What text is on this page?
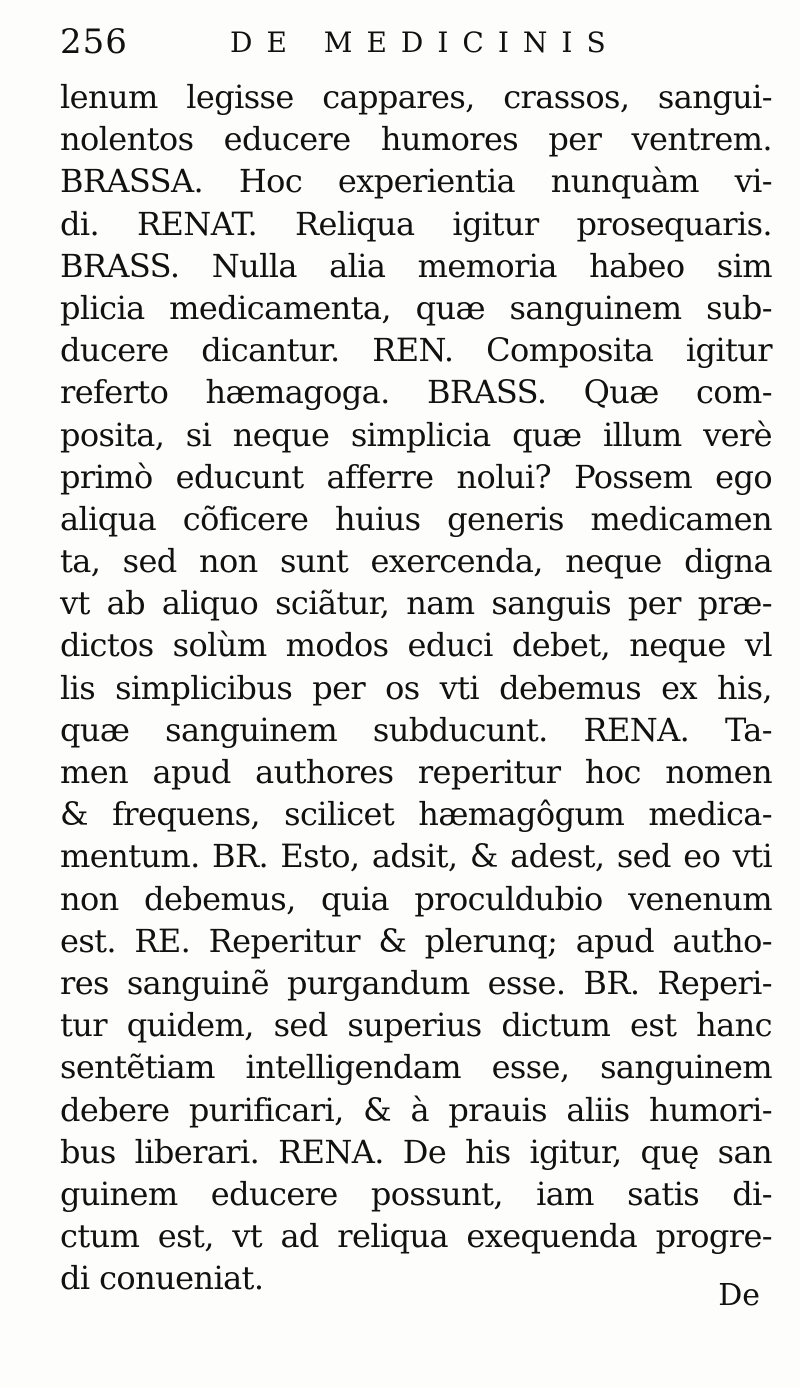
256	DE MEDICINIS
lenum legisse cappares, crassos, sangui-
nolentos educere humores per ventrem.
BRASSA. Hoc experientia nunquàm vi-
di. RENAT. Reliqua igitur prosequaris.
BRASS. Nulla alia memoria habeo sim
plicia medicamenta, quæ sanguinem sub-
ducere dicantur. REN. Composita igitur
referto hæmagoga. BRASS. Quæ com-
posita, si neque simplicia quæ illum verè
primò educunt afferre nolui? Possem ego
aliqua cõficere huius generis medicamen
ta, sed non sunt exercenda, neque digna
vt ab aliquo sciãtur, nam sanguis per præ-
dictos solùm modos educi debet, neque vl
lis simplicibus per os vti debemus ex his,
quæ sanguinem subducunt. RENA. Ta-
men apud authores reperitur hoc nomen
& frequens, scilicet hæmagôgum medica-
mentum. BR. Esto, adsit, & adest, sed eo vti
non debemus, quia proculdubio venenum
est. RE. Reperitur & plerunq; apud autho-
res sanguinẽ purgandum esse. BR. Reperi-
tur quidem, sed superius dictum est hanc
sentẽtiam intelligendam esse, sanguinem
debere purificari, & à prauis aliis humori-
bus liberari. RENA. De his igitur, quę san
guinem educere possunt, iam satis di-
ctum est, vt ad reliqua exequenda progre-
di conueniat.	De
